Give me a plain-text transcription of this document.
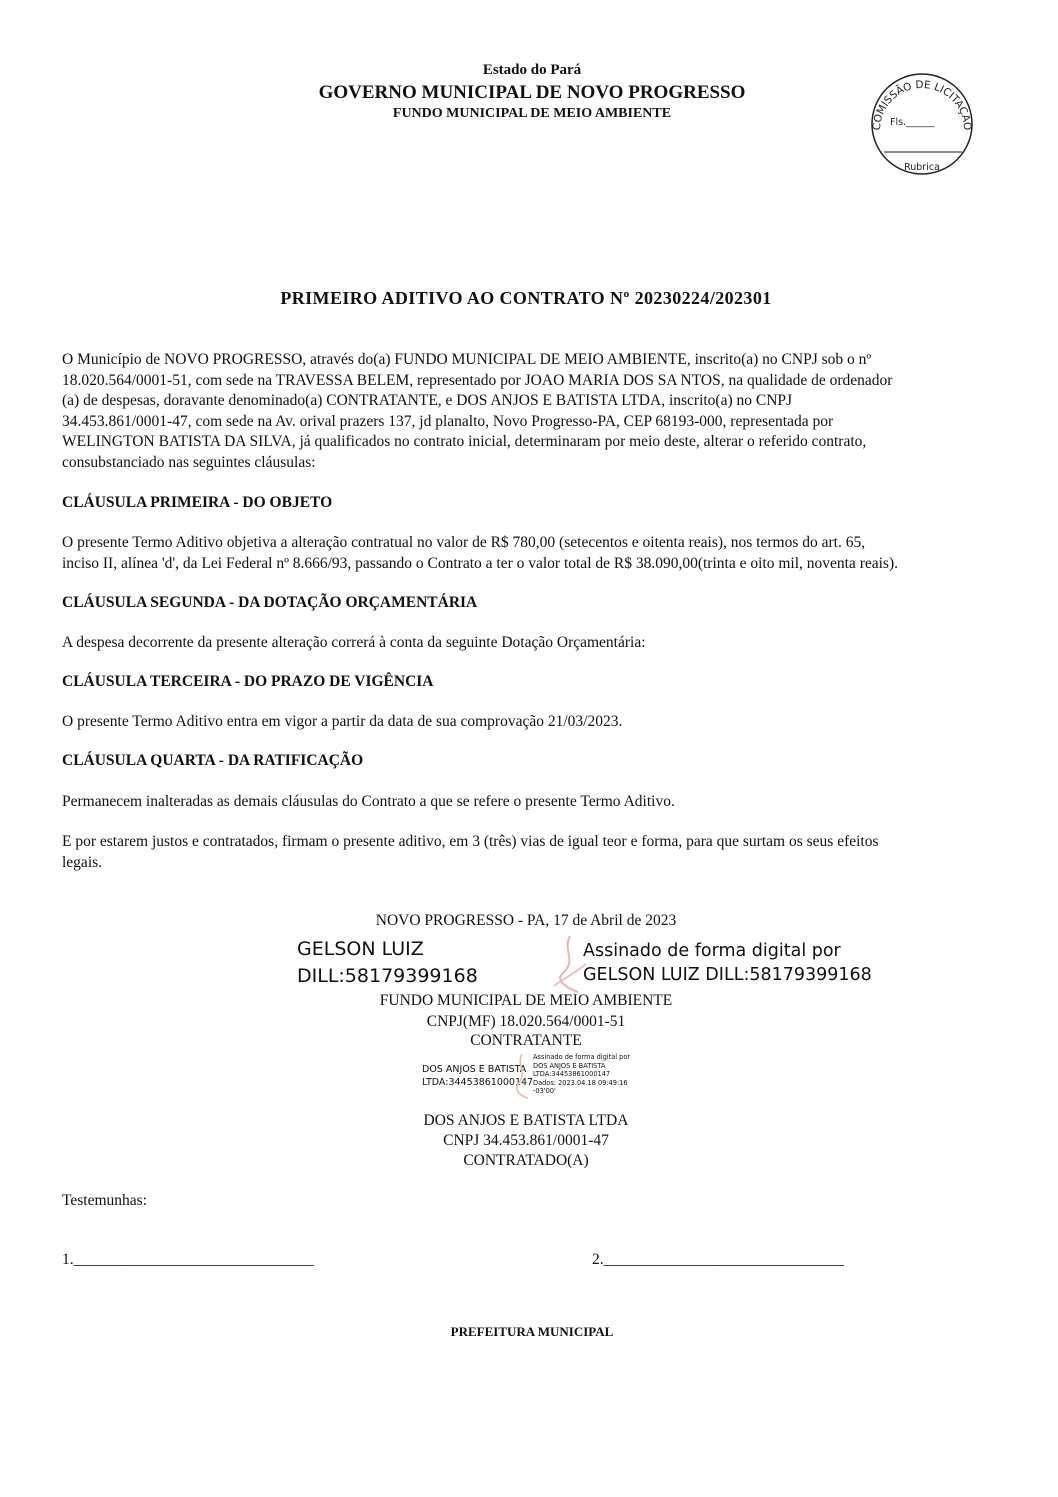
Estado do Pará
GOVERNO MUNICIPAL DE NOVO PROGRESSO
FUNDO MUNICIPAL DE MEIO AMBIENTE
COMISSÃO DE LICITAÇÃO
Fls.______
Rubrica
PRIMEIRO ADITIVO AO CONTRATO Nº 20230224/202301
O Município de NOVO PROGRESSO, através do(a) FUNDO MUNICIPAL DE MEIO AMBIENTE, inscrito(a) no CNPJ sob o nº
18.020.564/0001-51, com sede na TRAVESSA BELEM, representado por JOAO MARIA DOS SA NTOS, na qualidade de ordenador
(a) de despesas, doravante denominado(a) CONTRATANTE, e DOS ANJOS E BATISTA LTDA, inscrito(a) no CNPJ
34.453.861/0001-47, com sede na Av. orival prazers 137, jd planalto, Novo Progresso-PA, CEP 68193-000, representada por
WELINGTON BATISTA DA SILVA, já qualificados no contrato inicial, determinaram por meio deste, alterar o referido contrato,
consubstanciado nas seguintes cláusulas:
CLÁUSULA PRIMEIRA - DO OBJETO
O presente Termo Aditivo objetiva a alteração contratual no valor de R$ 780,00 (setecentos e oitenta reais), nos termos do art. 65,
inciso II, alínea 'd', da Lei Federal nº 8.666/93, passando o Contrato a ter o valor total de R$ 38.090,00(trinta e oito mil, noventa reais).
CLÁUSULA SEGUNDA - DA DOTAÇÃO ORÇAMENTÁRIA
A despesa decorrente da presente alteração correrá à conta da seguinte Dotação Orçamentária:
CLÁUSULA TERCEIRA - DO PRAZO DE VIGÊNCIA
O presente Termo Aditivo entra em vigor a partir da data de sua comprovação 21/03/2023.
CLÁUSULA QUARTA - DA RATIFICAÇÃO
Permanecem inalteradas as demais cláusulas do Contrato a que se refere o presente Termo Aditivo.
E por estarem justos e contratados, firmam o presente aditivo, em 3 (três) vias de igual teor e forma, para que surtam os seus efeitos
legais.
NOVO PROGRESSO - PA, 17 de Abril de 2023
GELSON LUIZ
DILL:58179399168
Assinado de forma digital por
GELSON LUIZ DILL:58179399168
FUNDO MUNICIPAL DE MEIO AMBIENTE
CNPJ(MF) 18.020.564/0001-51
CONTRATANTE
DOS ANJOS E BATISTA
LTDA:34453861000147
Assinado de forma digital por
DOS ANJOS E BATISTA
LTDA:34453861000147
Dados: 2023.04.18 09:49:16
-03'00'
DOS ANJOS E BATISTA LTDA
CNPJ 34.453.861/0001-47
CONTRATADO(A)
Testemunhas:
1._______________________________	2._______________________________
PREFEITURA MUNICIPAL
